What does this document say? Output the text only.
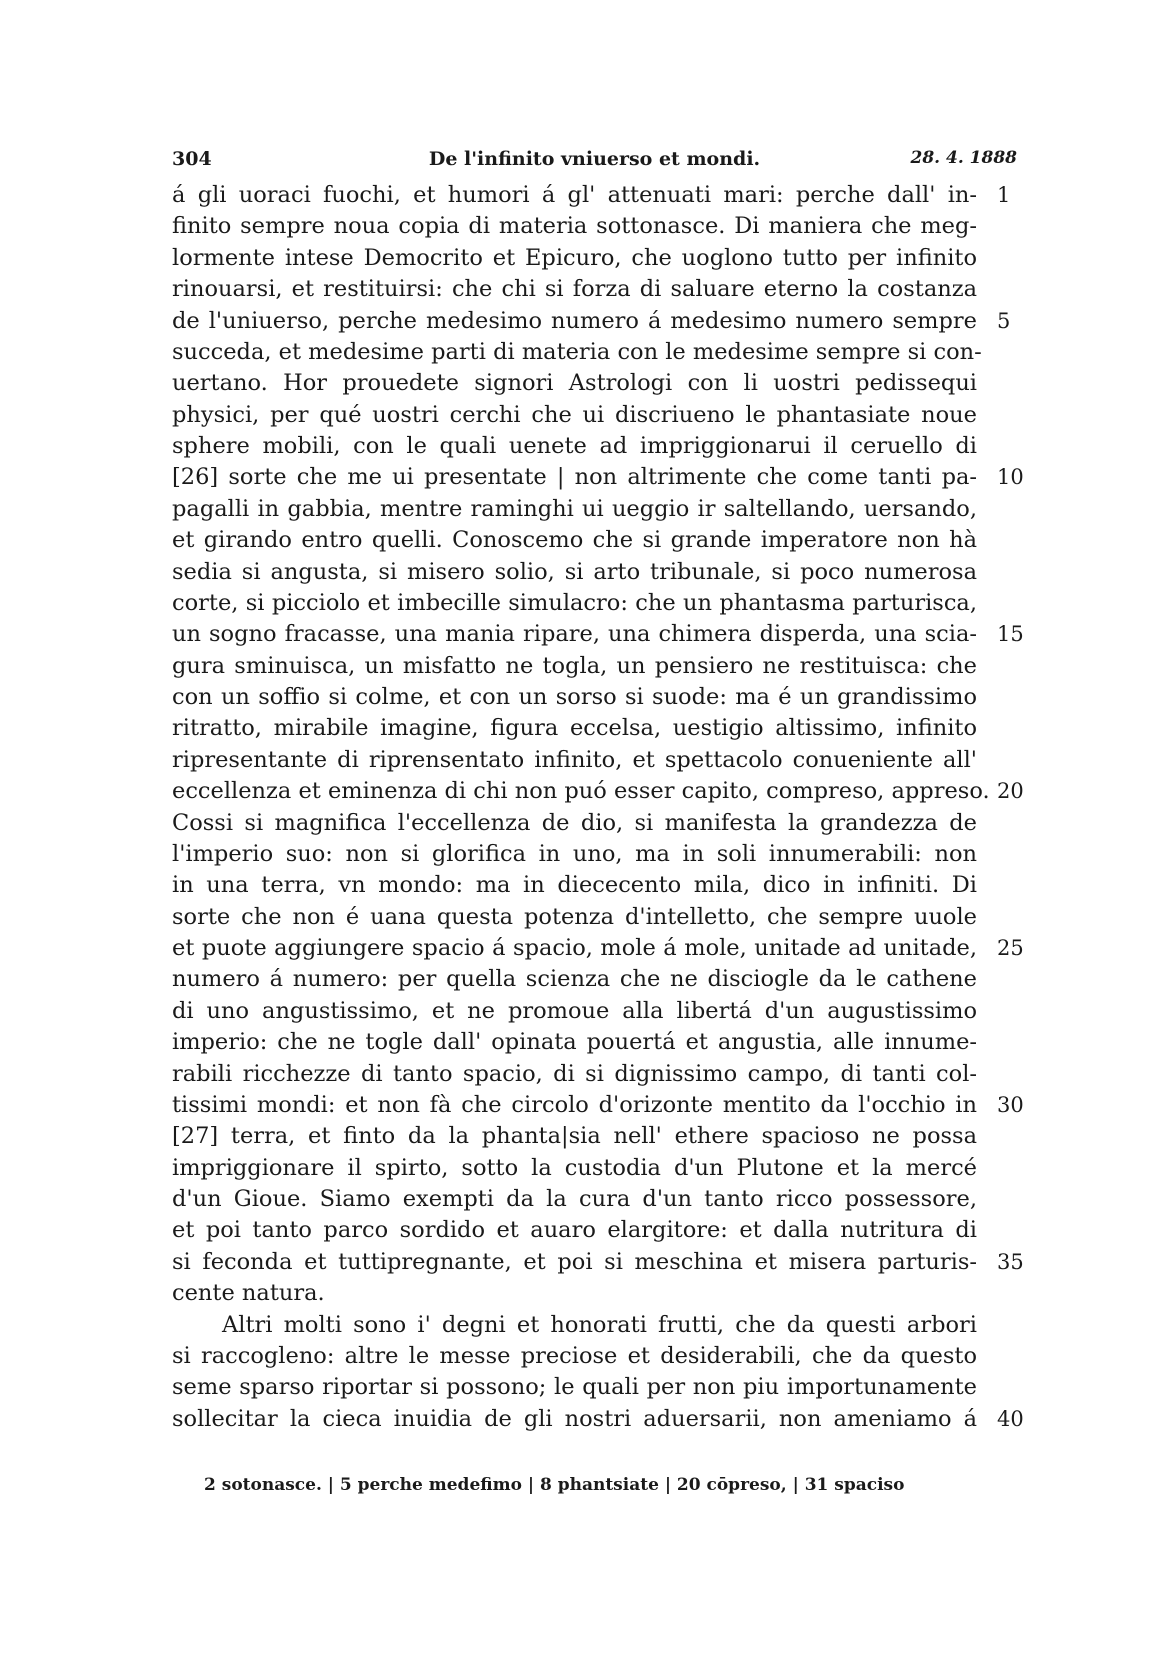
304	De l'infinito vniuerso et mondi.	28. 4. 1888
á gli uoraci fuochi, et humori á gl' attenuati mari: perche dall' in- 1
finito sempre noua copia di materia sottonasce. Di maniera che meg-
lormente intese Democrito et Epicuro, che uoglono tutto per infinito
rinouarsi, et restituirsi: che chi si forza di saluare eterno la costanza
de l'uniuerso, perche medesimo numero á medesimo numero sempre 5
succeda, et medesime parti di materia con le medesime sempre si con-
uertano. Hor prouedete signori Astrologi con li uostri pedissequi
physici, per qué uostri cerchi che ui discriueno le phantasiate noue
sphere mobili, con le quali uenete ad impriggionarui il ceruello di
[26] sorte che me ui presentate | non altrimente che come tanti pa- 10
pagalli in gabbia, mentre raminghi ui ueggio ir saltellando, uersando,
et girando entro quelli. Conoscemo che si grande imperatore non hà
sedia si angusta, si misero solio, si arto tribunale, si poco numerosa
corte, si picciolo et imbecille simulacro: che un phantasma parturisca,
un sogno fracasse, una mania ripare, una chimera disperda, una scia- 15
gura sminuisca, un misfatto ne togla, un pensiero ne restituisca: che
con un soffio si colme, et con un sorso si suode: ma é un grandissimo
ritratto, mirabile imagine, figura eccelsa, uestigio altissimo, infinito
ripresentante di riprensentato infinito, et spettacolo conueniente all'
eccellenza et eminenza di chi non puó esser capito, compreso, appreso. 20
Cossi si magnifica l'eccellenza de dio, si manifesta la grandezza de
l'imperio suo: non si glorifica in uno, ma in soli innumerabili: non
in una terra, vn mondo: ma in diececento mila, dico in infiniti. Di
sorte che non é uana questa potenza d'intelletto, che sempre uuole
et puote aggiungere spacio á spacio, mole á mole, unitade ad unitade, 25
numero á numero: per quella scienza che ne disciogle da le cathene
di uno angustissimo, et ne promoue alla libertá d'un augustissimo
imperio: che ne togle dall' opinata pouertá et angustia, alle innume-
rabili ricchezze di tanto spacio, di si dignissimo campo, di tanti col-
tissimi mondi: et non fà che circolo d'orizonte mentito da l'occhio in 30
[27] terra, et finto da la phanta|sia nell' ethere spacioso ne possa
impriggionare il spirto, sotto la custodia d'un Plutone et la mercé
d'un Gioue. Siamo exempti da la cura d'un tanto ricco possessore,
et poi tanto parco sordido et auaro elargitore: et dalla nutritura di
si feconda et tuttipregnante, et poi si meschina et misera parturis- 35
cente natura.
Altri molti sono i' degni et honorati frutti, che da questi arbori
si raccogleno: altre le messe preciose et desiderabili, che da questo
seme sparso riportar si possono; le quali per non piu importunamente
sollecitar la cieca inuidia de gli nostri aduersarii, non ameniamo á 40
2 sotonasce. | 5 perche medefimo | 8 phantsiate | 20 cōpreso, | 31 spaciso
